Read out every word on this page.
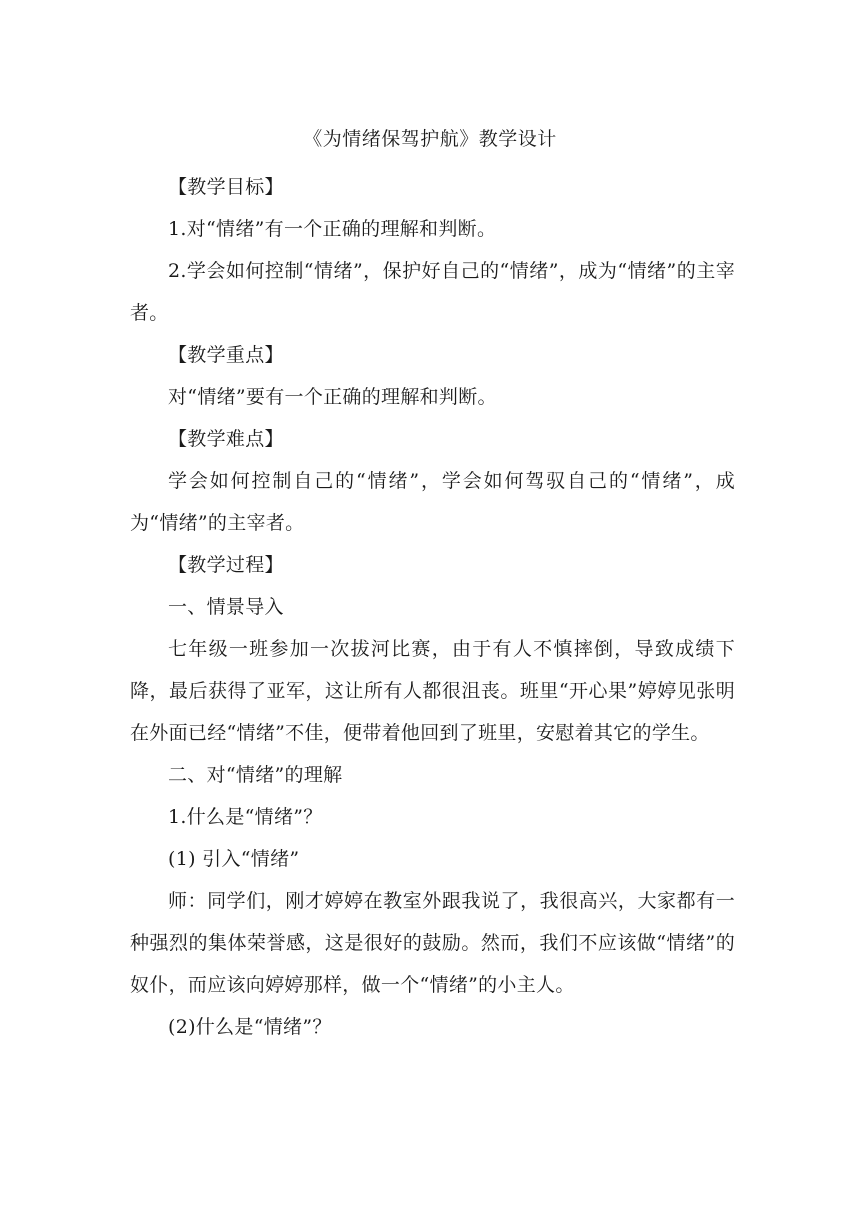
《为情绪保驾护航》教学设计

【教学目标】

1.对“情绪”有一个正确的理解和判断。

2.学会如何控制“情绪”，保护好自己的“情绪”，成为“情绪”的主宰者。

【教学重点】

对“情绪”要有一个正确的理解和判断。

【教学难点】

学会如何控制自己的“情绪”，学会如何驾驭自己的“情绪”，成为“情绪”的主宰者。

【教学过程】

一、情景导入

七年级一班参加一次拔河比赛，由于有人不慎摔倒，导致成绩下降，最后获得了亚军，这让所有人都很沮丧。班里“开心果”婷婷见张明在外面已经“情绪”不佳，便带着他回到了班里，安慰着其它的学生。

二、对“情绪”的理解

1.什么是“情绪”？

(1) 引入“情绪”

师：同学们，刚才婷婷在教室外跟我说了，我很高兴，大家都有一种强烈的集体荣誉感，这是很好的鼓励。然而，我们不应该做“情绪”的奴仆，而应该向婷婷那样，做一个“情绪”的小主人。

(2)什么是“情绪”？
